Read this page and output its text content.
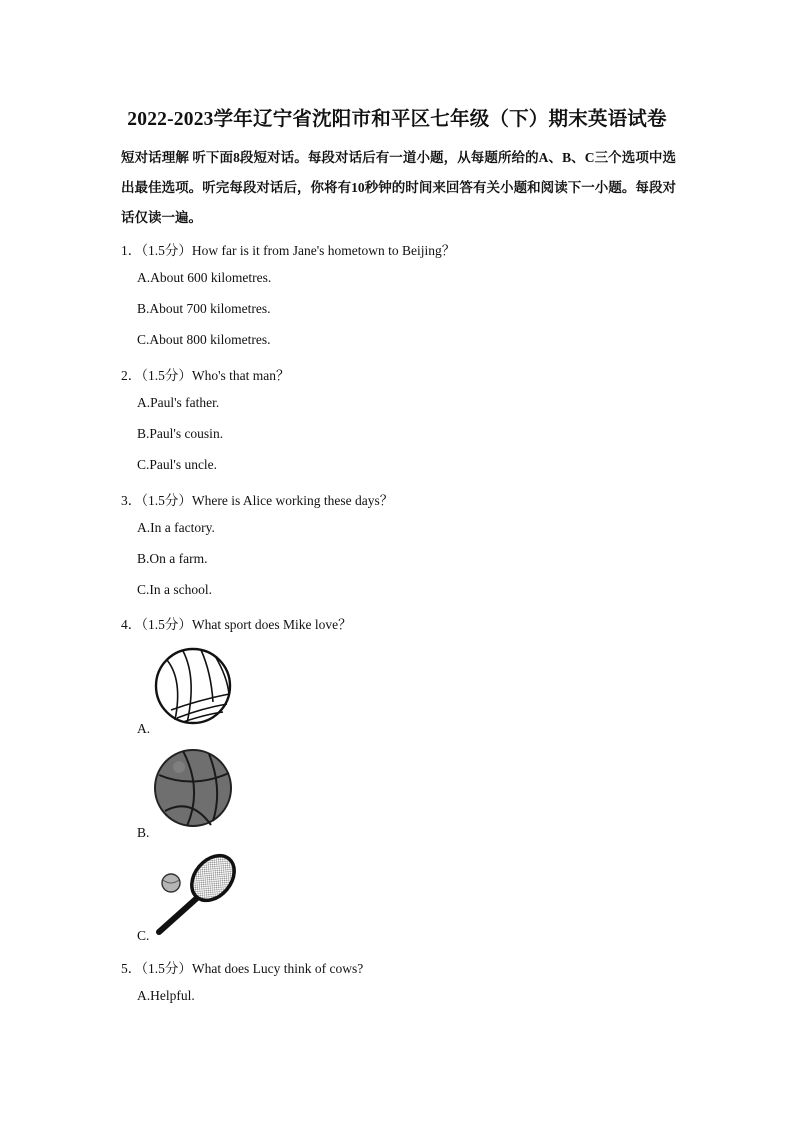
2022-2023学年辽宁省沈阳市和平区七年级（下）期末英语试卷
短对话理解 听下面8段短对话。每段对话后有一道小题，从每题所给的A、B、C三个选项中选出最佳选项。听完每段对话后，你将有10秒钟的时间来回答有关小题和阅读下一小题。每段对话仅读一遍。
1．（1.5分）How far is it from Jane's hometown to Beijing？
A.About 600 kilometres.
B.About 700 kilometres.
C.About 800 kilometres.
2．（1.5分）Who's that man？
A.Paul's father.
B.Paul's cousin.
C.Paul's uncle.
3．（1.5分）Where is Alice working these days？
A.In a factory.
B.On a farm.
C.In a school.
4．（1.5分）What sport does Mike love？
A.
B.
C.
5．（1.5分）What does Lucy think of cows?
A.Helpful.
